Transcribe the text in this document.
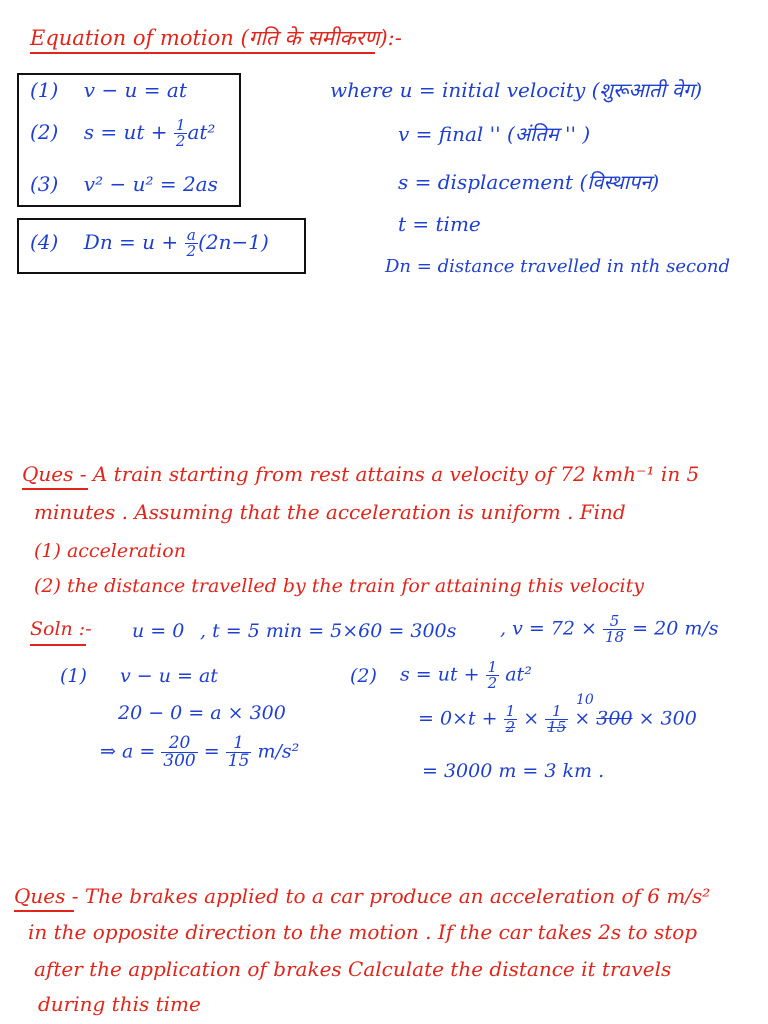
Equation of motion (गति के समीकरण):-
(1) v − u = at
(2) s = ut + $\frac{1}{2} at^2$
(3) v² − u² = 2as
(4) $Dn = u + \frac{a}{2} (2n-1)$
where u = initial velocity (शुरूआती वेग)
v = final '' (अंतिम '' )
s = displacement (विस्थापन)
t = time
Dn = distance travelled in nth second
Ques - A train starting from rest attains a velocity of 72 kmh⁻¹ in 5
minutes . Assuming that the acceleration is uniform . Find
(1) acceleration
(2) the distance travelled by the train for attaining this velocity
Soln :- u = 0 , t = 5 min = 5×60 = 300s , $v = 72 \times \frac{5}{18} = 20$ m/s
(1) v − u = at
20 − 0 = a × 300
⇒ $a = \frac{20}{300} = \frac{1}{15} m/s^2$
(2) s = ut + $\frac{1}{2} at^2$
10
= $0\times t + \frac{1}{2} \times \frac{1}{15} \times 300 \times 300$
= 3000 m = 3 km .
Ques - The brakes applied to a car produce an acceleration of 6 m/s²
in the opposite direction to the motion . If the car takes 2s to stop
after the application of brakes Calculate the distance it travels
during this time
